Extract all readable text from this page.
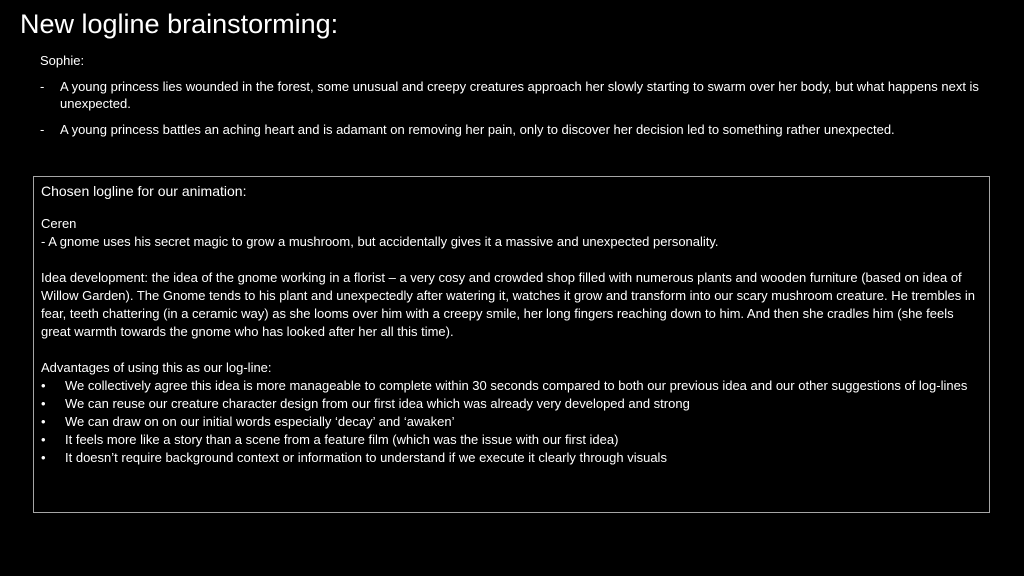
New logline brainstorming:
Sophie:
- A young princess lies wounded in the forest, some unusual and creepy creatures approach her slowly starting to swarm over her body, but what happens next is unexpected.
- A young princess battles an aching heart and is adamant on removing her pain, only to discover her decision led to something rather unexpected.

Chosen logline for our animation:

Ceren

- A gnome uses his secret magic to grow a mushroom, but accidentally gives it a massive and unexpected personality.

Idea development: the idea of the gnome working in a florist – a very cosy and crowded shop filled with numerous plants and wooden furniture (based on idea of Willow Garden). The Gnome tends to his plant and unexpectedly after watering it, watches it grow and transform into our scary mushroom creature. He trembles in fear, teeth chattering (in a ceramic way) as she looms over him with a creepy smile, her long fingers reaching down to him. And then she cradles him (she feels great warmth towards the gnome who has looked after her all this time).

Advantages of using this as our log-line:

• We collectively agree this idea is more manageable to complete within 30 seconds compared to both our previous idea and our other suggestions of log-lines
• We can reuse our creature character design from our first idea which was already very developed and strong
• We can draw on on our initial words especially ‘decay’ and ‘awaken’
• It feels more like a story than a scene from a feature film (which was the issue with our first idea)
• It doesn’t require background context or information to understand if we execute it clearly through visuals
